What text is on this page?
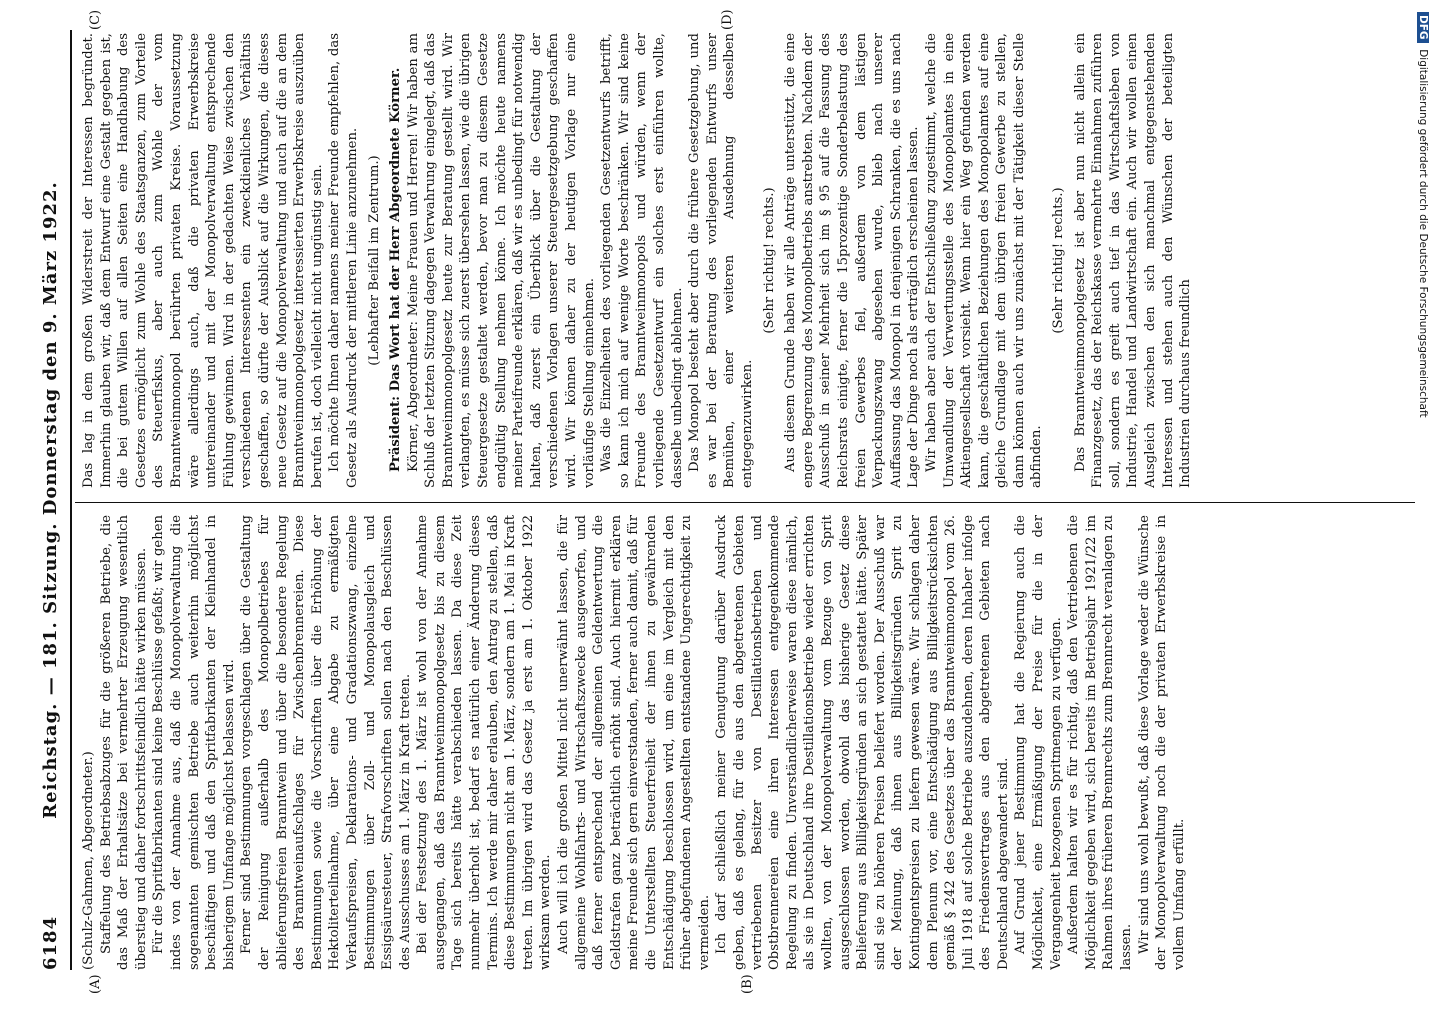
6184
Reichstag. — 181. Sitzung. Donnerstag den 9. März 1922.
(A)	(B)
(C)	(D)

(Schulz-Gahmen, Abgeordneter.) Staffelung des Betriebsabzuges für die größeren Betriebe, die das Maß der Erhaltsätze bei vermehrter Erzeugung wesentlich überstieg und daher fortschrittsfeindlich hätte wirken müssen. Für die Spritfabrikanten sind keine Beschlüsse gefaßt; wir gehen indes von der Annahme aus, daß die Monopolverwaltung die sogenannten gemischten Betriebe auch weiterhin möglichst beschäftigen und daß den Spritfabrikanten der Kleinhandel in bisherigem Umfange möglichst belassen wird. Ferner sind Bestimmungen vorgeschlagen über die Gestaltung der Reinigung außerhalb des Monopolbetriebes für ablieferungsfreien Branntwein und über die besondere Regelung des Branntweinaufschlages für Zwischenbrennereien. Diese Bestimmungen sowie die Vorschriften über die Erhöhung der Hektoliterteilnahme, über eine Abgabe zu ermäßigten Verkaufspreisen, Deklarations- und Gradationszwang, einzelne Bestimmungen über Zoll- und Monopolausgleich und Essigsäuresteuer, Strafvorschriften sollen nach den Beschlüssen des Ausschusses am 1. März in Kraft treten. Bei der Festsetzung des 1. März ist wohl von der Annahme ausgegangen, daß das Branntweinmonopolgesetz bis zu diesem Tage sich bereits hätte verabschieden lassen. Da diese Zeit nunmehr überholt ist, bedarf es natürlich einer Änderung dieses Termins. Ich werde mir daher erlauben, den Antrag zu stellen, daß diese Bestimmungen nicht am 1. März, sondern am 1. Mai in Kraft treten. Im übrigen wird das Gesetz ja erst am 1. Oktober 1922 wirksam werden. Auch will ich die großen Mittel nicht unerwähnt lassen, die für allgemeine Wohlfahrts- und Wirtschaftszwecke ausgeworfen, und daß ferner entsprechend der allgemeinen Geldentwertung die Geldstrafen ganz beträchtlich erhöht sind. Auch hiermit erklären meine Freunde sich gern einverstanden, ferner auch damit, daß für die Unterstellten Steuerfreiheit der ihnen zu gewährenden Entschädigung beschlossen wird, um eine im Vergleich mit den früher abgefundenen Angestellten entstandene Ungerechtigkeit zu vermeiden. Ich darf schließlich meiner Genugtuung darüber Ausdruck geben, daß es gelang, für die aus den abgetretenen Gebieten vertriebenen Besitzer von Destillationsbetrieben und Obstbrennereien eine ihren Interessen entgegenkommende Regelung zu finden. Unverständlicherweise waren diese nämlich, als sie in Deutschland ihre Destillationsbetriebe wieder errichten wollten, von der Monopolverwaltung vom Bezuge von Sprit ausgeschlossen worden, obwohl das bisherige Gesetz diese Belieferung aus Billigkeitsgründen an sich gestattet hätte. Später sind sie zu höheren Preisen beliefert worden. Der Ausschuß war der Meinung, daß ihnen aus Billigkeitsgründen Sprit zu Kontingentspreisen zu liefern gewesen wäre. Wir schlagen daher dem Plenum vor, eine Entschädigung aus Billigkeitsrücksichten gemäß § 242 des Gesetzes über das Branntweinmonopol vom 26. Juli 1918 auf solche Betriebe auszudehnen, deren Inhaber infolge des Friedensvertrages aus den abgetretenen Gebieten nach Deutschland abgewandert sind. Auf Grund jener Bestimmung hat die Regierung auch die Möglichkeit, eine Ermäßigung der Preise für die in der Vergangenheit bezogenen Spritmengen zu verfügen. Außerdem halten wir es für richtig, daß den Vertriebenen die Möglichkeit gegeben wird, sich bereits im Betriebsjahr 1921/22 im Rahmen ihres früheren Brennrechts zum Brennrecht veranlagen zu lassen. Wir sind uns wohl bewußt, daß diese Vorlage weder die Wünsche der Monopolverwaltung noch die der privaten Erwerbskreise in vollem Umfang erfüllt.

Das lag in dem großen Widerstreit der Interessen begründet. Immerhin glauben wir, daß dem Entwurf eine Gestalt gegeben ist, die bei gutem Willen auf allen Seiten eine Handhabung des Gesetzes ermöglicht zum Wohle des Staatsganzen, zum Vorteile des Steuerfiskus, aber auch zum Wohle der vom Branntweinmonopol berührten privaten Kreise. Voraussetzung wäre allerdings auch, daß die privaten Erwerbskreise untereinander und mit der Monopolverwaltung entsprechende Fühlung gewinnen. Wird in der gedachten Weise zwischen den verschiedenen Interessenten ein zweckdienliches Verhältnis geschaffen, so dürfte der Ausblick auf die Wirkungen, die dieses neue Gesetz auf die Monopolverwaltung und auch auf die an dem Branntweinmonopolgesetz interessierten Erwerbskreise auszuüben berufen ist, doch vielleicht nicht ungünstig sein. Ich möchte Ihnen daher namens meiner Freunde empfehlen, das Gesetz als Ausdruck der mittleren Linie anzunehmen. (Lebhafter Beifall im Zentrum.) Präsident: Das Wort hat der Herr Abgeordnete Körner. Körner, Abgeordneter: Meine Frauen und Herren! Wir haben am Schluß der letzten Sitzung dagegen Verwahrung eingelegt, daß das Branntweinmonopolgesetz heute zur Beratung gestellt wird. Wir verlangten, es müsse sich zuerst übersehen lassen, wie die übrigen Steuergesetze gestaltet werden, bevor man zu diesem Gesetze endgültig Stellung nehmen könne. Ich möchte heute namens meiner Parteifreunde erklären, daß wir es unbedingt für notwendig halten, daß zuerst ein Überblick über die Gestaltung der verschiedenen Vorlagen unserer Steuergesetzgebung geschaffen wird. Wir können daher zu der heutigen Vorlage nur eine vorläufige Stellung einnehmen. Was die Einzelheiten des vorliegenden Gesetzentwurfs betrifft, so kann ich mich auf wenige Worte beschränken. Wir sind keine Freunde des Branntweinmonopols und würden, wenn der vorliegende Gesetzentwurf ein solches erst einführen wollte, dasselbe unbedingt ablehnen. Das Monopol besteht aber durch die frühere Gesetzgebung, und es war bei der Beratung des vorliegenden Entwurfs unser Bemühen, einer weiteren Ausdehnung desselben entgegenzuwirken.

(Sehr richtig! rechts.) Aus diesem Grunde haben wir alle Anträge unterstützt, die eine engere Begrenzung des Monopolbetriebs anstrebten. Nachdem der Ausschuß in seiner Mehrheit sich im § 95 auf die Fassung des Reichsrats einigte, ferner die 15prozentige Sonderbelastung des freien Gewerbes fiel, außerdem von dem lästigen Verpackungszwang abgesehen wurde, blieb nach unserer Auffassung das Monopol in denjenigen Schranken, die es uns nach Lage der Dinge noch als erträglich erscheinen lassen. Wir haben aber auch der Entschließung zugestimmt, welche die Umwandlung der Verwertungsstelle des Monopolamtes in eine Aktiengesellschaft vorsieht. Wenn hier ein Weg gefunden werden kann, die geschäftlichen Beziehungen des Monopolamtes auf eine gleiche Grundlage mit dem übrigen freien Gewerbe zu stellen, dann können auch wir uns zunächst mit der Tätigkeit dieser Stelle abfinden.

(Sehr richtig! rechts.) Das Branntweinmonopolgesetz ist aber nun nicht allein ein Finanzgesetz, das der Reichskasse vermehrte Einnahmen zuführen soll, sondern es greift auch tief in das Wirtschaftsleben von Industrie, Handel und Landwirtschaft ein. Auch wir wollen einen Ausgleich zwischen den sich manchmal entgegenstehenden Interessen und stehen auch den Wünschen der beteiligten Industrien durchaus freundlich

DFG  Digitalisierung gefördert durch die Deutsche Forschungsgemeinschaft
